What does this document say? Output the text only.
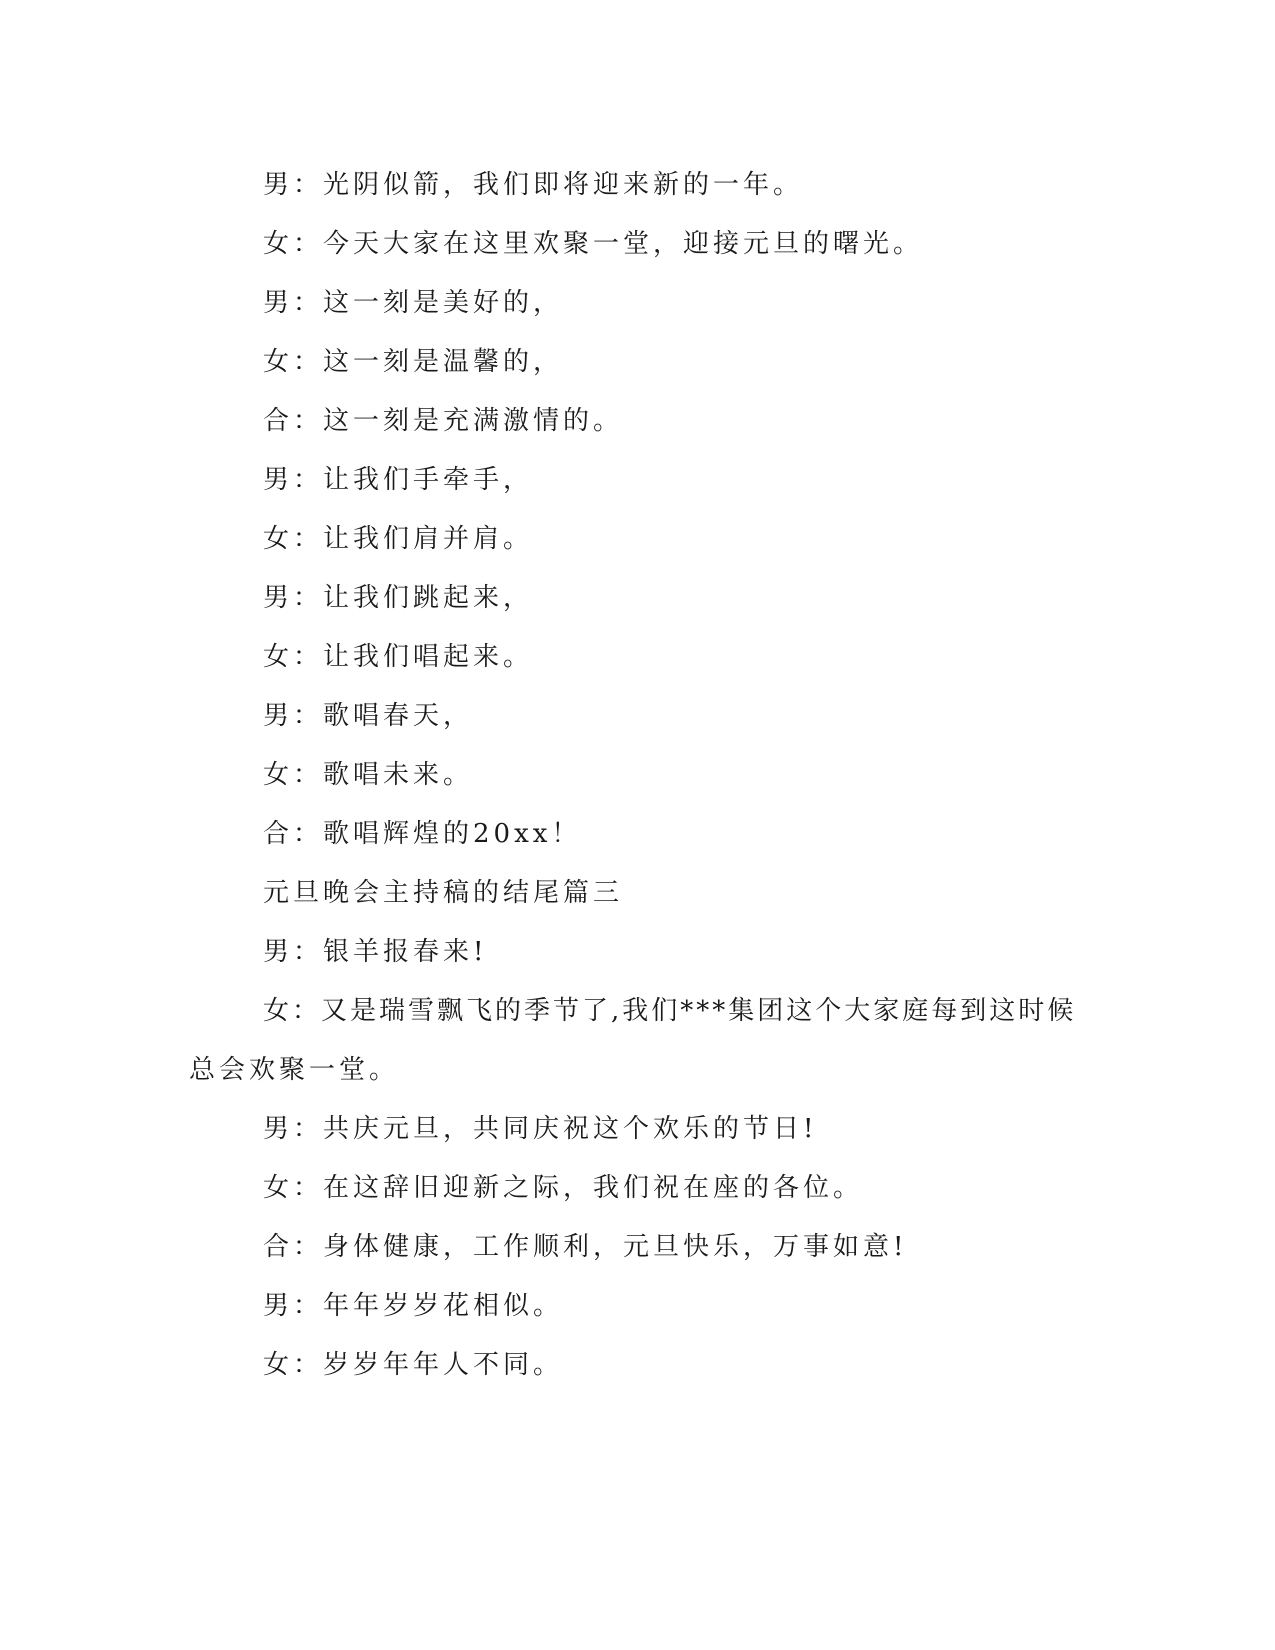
男：光阴似箭，我们即将迎来新的一年。
女：今天大家在这里欢聚一堂，迎接元旦的曙光。
男：这一刻是美好的，
女：这一刻是温馨的，
合：这一刻是充满激情的。
男：让我们手牵手，
女：让我们肩并肩。
男：让我们跳起来，
女：让我们唱起来。
男：歌唱春天，
女：歌唱未来。
合：歌唱辉煌的20xx！
元旦晚会主持稿的结尾篇三
男：银羊报春来!
女：又是瑞雪飘飞的季节了,我们***集团这个大家庭每到这时候
总会欢聚一堂。
男：共庆元旦，共同庆祝这个欢乐的节日!
女：在这辞旧迎新之际，我们祝在座的各位。
合：身体健康，工作顺利，元旦快乐，万事如意!
男：年年岁岁花相似。
女：岁岁年年人不同。
